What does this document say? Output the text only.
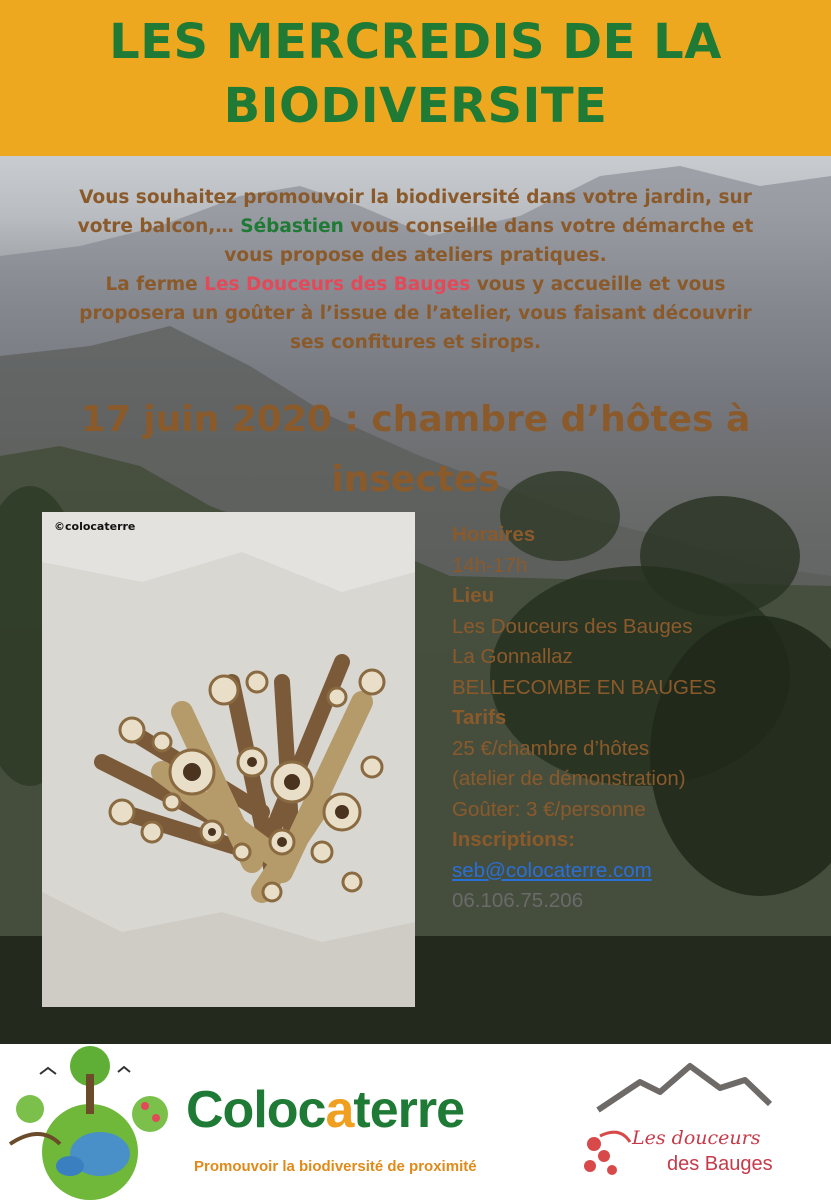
LES MERCREDIS DE LA
BIODIVERSITE
Vous souhaitez promouvoir la biodiversité dans votre jardin, sur
votre balcon,… Sébastien vous conseille dans votre démarche et
vous propose des ateliers pratiques.
La ferme Les Douceurs des Bauges vous y accueille et vous
proposera un goûter à l’issue de l’atelier, vous faisant découvrir
ses confitures et sirops.
17 juin 2020 : chambre d’hôtes à
insectes
©colocaterre	Horaires
14h-17h
Lieu
Les Douceurs des Bauges
La Gonnallaz
BELLECOMBE EN BAUGES
Tarifs
25 €/chambre d’hôtes
(atelier de démonstration)
Goûter: 3 €/personne
Inscriptions:
seb@colocaterre.com
06.106.75.206
Colocaterre
Promouvoir la biodiversité de proximité
Les douceurs
des Bauges
